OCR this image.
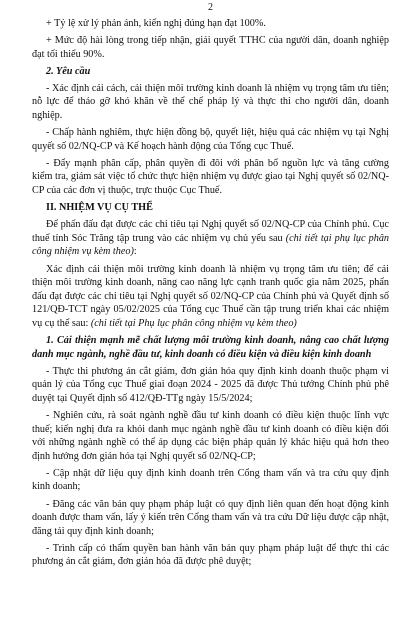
2

+ Tỷ lệ xử lý phản ánh, kiến nghị đúng hạn đạt 100%.

+ Mức độ hài lòng trong tiếp nhận, giải quyết TTHC của người dân, doanh nghiệp đạt tối thiểu 90%.

2. Yêu cầu

- Xác định cải cách, cải thiện môi trường kinh doanh là nhiệm vụ trọng tâm ưu tiên; nỗ lực để tháo gỡ khó khăn về thể chế pháp lý và thực thi cho người dân, doanh nghiệp.

- Chấp hành nghiêm, thực hiện đồng bộ, quyết liệt, hiệu quả các nhiệm vụ tại Nghị quyết số 02/NQ-CP và Kế hoạch hành động của Tổng cục Thuế.

- Đẩy mạnh phân cấp, phân quyền đi đôi với phân bổ nguồn lực và tăng cường kiểm tra, giám sát việc tổ chức thực hiện nhiệm vụ được giao tại Nghị quyết số 02/NQ-CP của các đơn vị thuộc, trực thuộc Cục Thuế.

II. NHIỆM VỤ CỤ THỂ

Để phấn đấu đạt được các chỉ tiêu tại Nghị quyết số 02/NQ-CP của Chính phủ. Cục thuế tỉnh Sóc Trăng tập trung vào các nhiệm vụ chủ yếu sau (chi tiết tại phụ lục phân công nhiệm vụ kèm theo):

Xác định cải thiện môi trường kinh doanh là nhiệm vụ trọng tâm ưu tiên; để cải thiện môi trường kinh doanh, nâng cao năng lực cạnh tranh quốc gia năm 2025, phấn đấu đạt được các chỉ tiêu tại Nghị quyết số 02/NQ-CP của Chính phủ và Quyết định số 121/QĐ-TCT ngày 05/02/2025 của Tổng cục Thuế cần tập trung triển khai các nhiệm vụ cụ thể sau: (chi tiết tại Phụ lục phân công nhiệm vụ kèm theo)

1. Cải thiện mạnh mẽ chất lượng môi trường kinh doanh, nâng cao chất lượng danh mục ngành, nghề đầu tư, kinh doanh có điều kiện và điều kiện kinh doanh

- Thực thi phương án cắt giảm, đơn giản hóa quy định kinh doanh thuộc phạm vi quản lý của Tổng cục Thuế giai đoạn 2024 - 2025 đã được Thủ tướng Chính phủ phê duyệt tại Quyết định số 412/QĐ-TTg ngày 15/5/2024;

- Nghiên cứu, rà soát ngành nghề đầu tư kinh doanh có điều kiện thuộc lĩnh vực thuế; kiến nghị đưa ra khỏi danh mục ngành nghề đầu tư kinh doanh có điều kiện đối với những ngành nghề có thể áp dụng các biện pháp quản lý khác hiệu quả hơn theo định hướng đơn giản hóa tại Nghị quyết số 02/NQ-CP;

- Cập nhật dữ liệu quy định kinh doanh trên Cổng tham vấn và tra cứu quy định kinh doanh;

- Đăng các văn bản quy phạm pháp luật có quy định liên quan đến hoạt động kinh doanh được tham vấn, lấy ý kiến trên Cổng tham vấn và tra cứu Dữ liệu được cập nhật, đăng tải quy định kinh doanh;

- Trình cấp có thẩm quyền ban hành văn bản quy phạm pháp luật để thực thi các phương án cắt giảm, đơn giản hóa đã được phê duyệt;
